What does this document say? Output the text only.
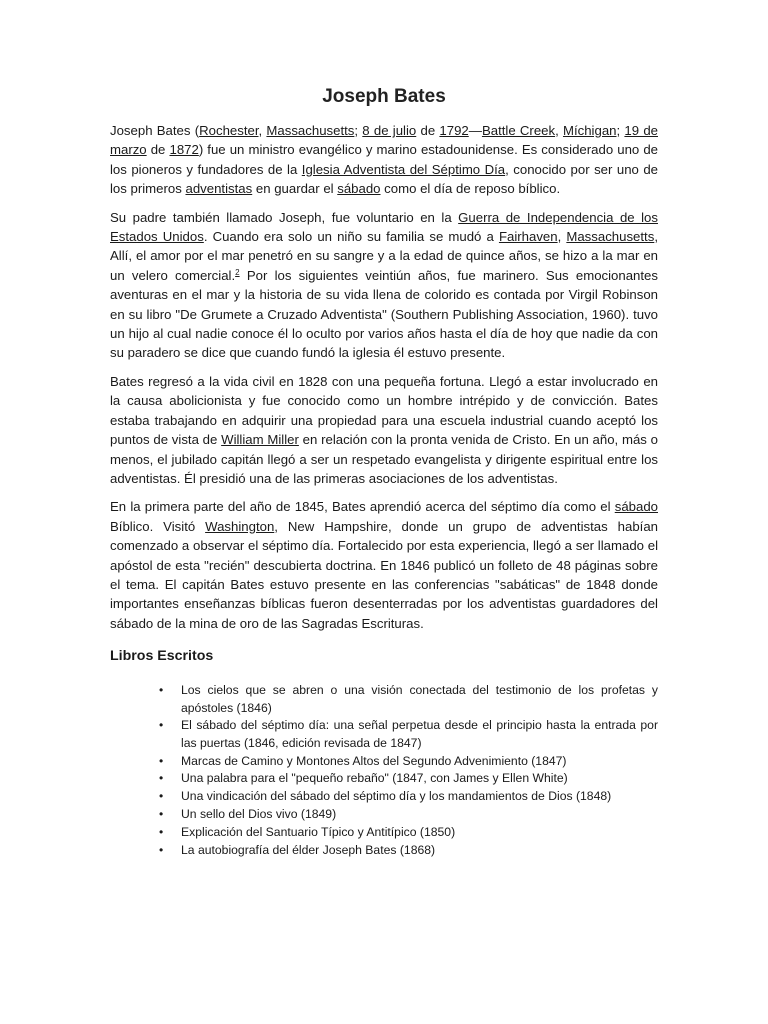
Joseph Bates

Joseph Bates (Rochester, Massachusetts; 8 de julio de 1792—Battle Creek, Míchigan; 19 de marzo de 1872) fue un ministro evangélico y marino estadounidense. Es considerado uno de los pioneros y fundadores de la Iglesia Adventista del Séptimo Día, conocido por ser uno de los primeros adventistas en guardar el sábado como el día de reposo bíblico.

Su padre también llamado Joseph, fue voluntario en la Guerra de Independencia de los Estados Unidos. Cuando era solo un niño su familia se mudó a Fairhaven, Massachusetts, Allí, el amor por el mar penetró en su sangre y a la edad de quince años, se hizo a la mar en un velero comercial.$^2$ Por los siguientes veintiún años, fue marinero. Sus emocionantes aventuras en el mar y la historia de su vida llena de colorido es contada por Virgil Robinson en su libro "De Grumete a Cruzado Adventista" (Southern Publishing Association, 1960). tuvo un hijo al cual nadie conoce él lo oculto por varios años hasta el día de hoy que nadie da con su paradero se dice que cuando fundó la iglesia él estuvo presente.

Bates regresó a la vida civil en 1828 con una pequeña fortuna. Llegó a estar involucrado en la causa abolicionista y fue conocido como un hombre intrépido y de convicción. Bates estaba trabajando en adquirir una propiedad para una escuela industrial cuando aceptó los puntos de vista de William Miller en relación con la pronta venida de Cristo. En un año, más o menos, el jubilado capitán llegó a ser un respetado evangelista y dirigente espiritual entre los adventistas. Él presidió una de las primeras asociaciones de los adventistas.

En la primera parte del año de 1845, Bates aprendió acerca del séptimo día como el sábado Bíblico. Visitó Washington, New Hampshire, donde un grupo de adventistas habían comenzado a observar el séptimo día. Fortalecido por esta experiencia, llegó a ser llamado el apóstol de esta "recién" descubierta doctrina. En 1846 publicó un folleto de 48 páginas sobre el tema. El capitán Bates estuvo presente en las conferencias "sabáticas" de 1848 donde importantes enseñanzas bíblicas fueron desenterradas por los adventistas guardadores del sábado de la mina de oro de las Sagradas Escrituras.

Libros Escritos
• Los cielos que se abren o una visión conectada del testimonio de los profetas y apóstoles (1846)
• El sábado del séptimo día: una señal perpetua desde el principio hasta la entrada por las puertas (1846, edición revisada de 1847)
• Marcas de Camino y Montones Altos del Segundo Advenimiento (1847)
• Una palabra para el "pequeño rebaño" (1847, con James y Ellen White)
• Una vindicación del sábado del séptimo día y los mandamientos de Dios (1848)
• Un sello del Dios vivo (1849)
• Explicación del Santuario Típico y Antitípico (1850)
• La autobiografía del élder Joseph Bates (1868)
